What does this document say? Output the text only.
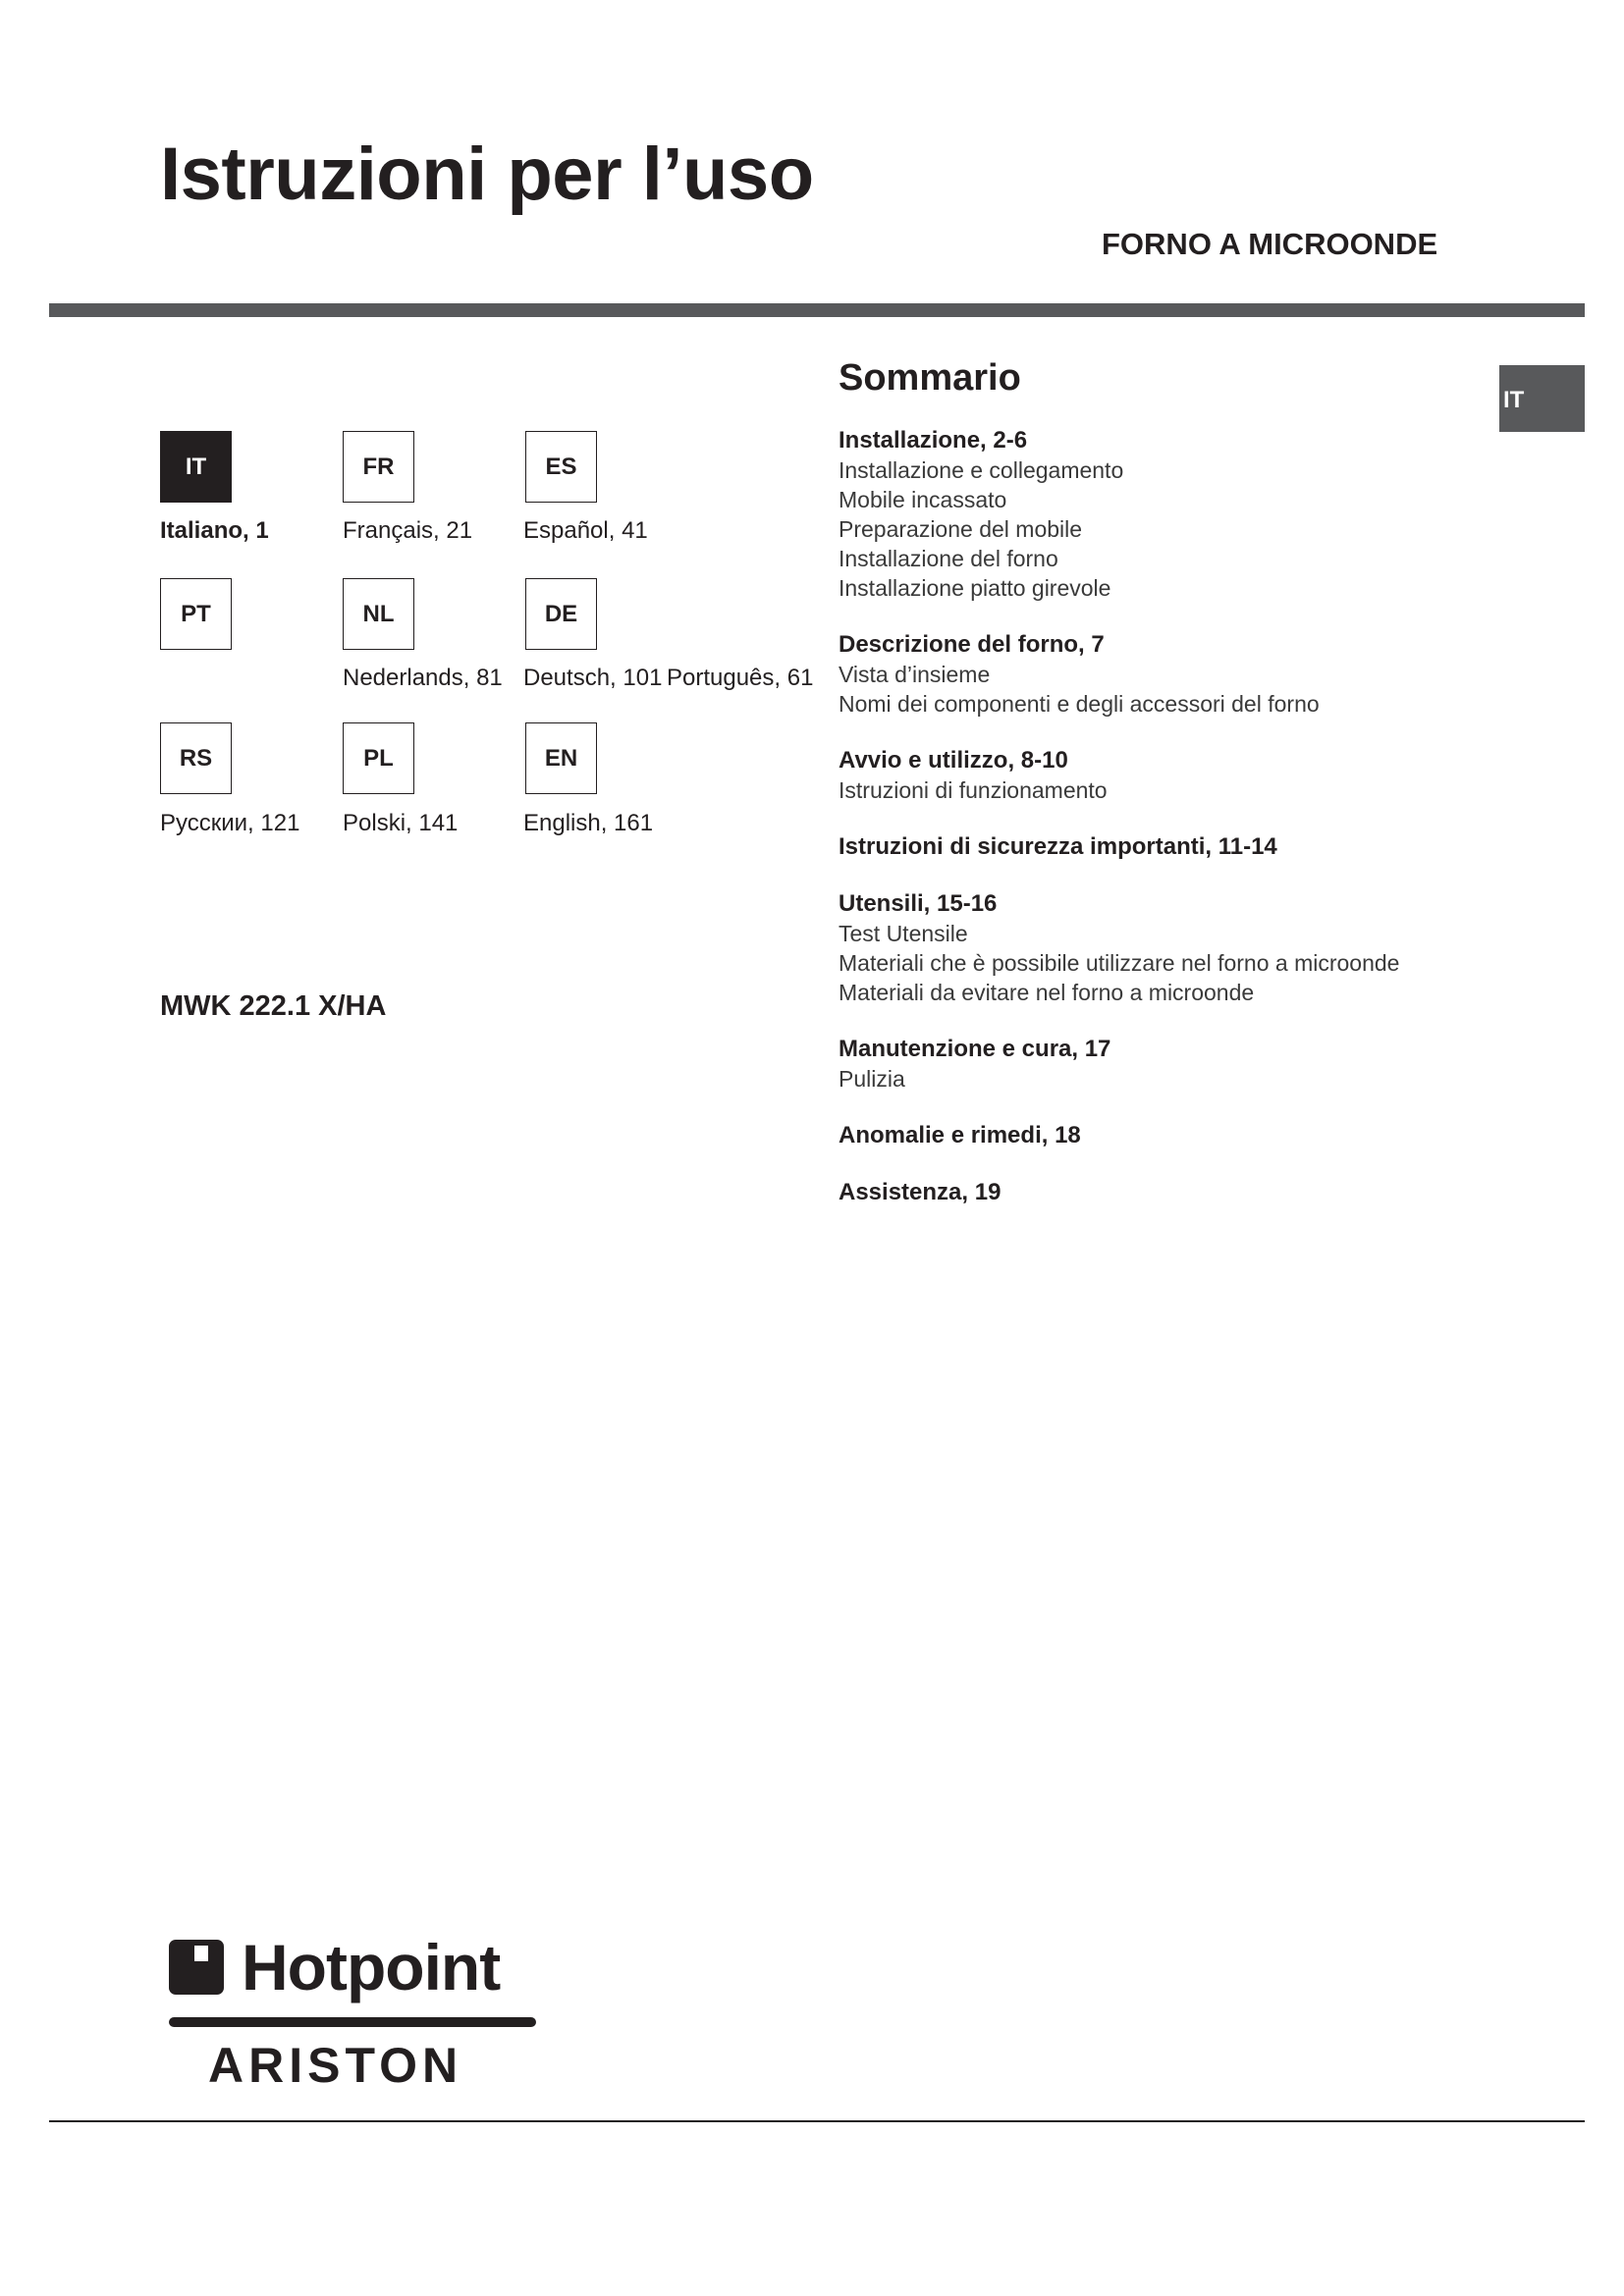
Istruzioni per l’uso
FORNO A MICROONDE
IT	FR	ES
Italiano, 1	Français, 21 Español, 41
PT	NL	DE
Nederlands, 81 Deutsch, 101 Português, 61
RS	PL	EN
Русскии, 121 Polski, 141	English, 161
MWK 222.1 X/HA
Sommario
IT
Installazione, 2-6
Installazione e collegamento
Mobile incassato
Preparazione del mobile
Installazione del forno
Installazione piatto girevole
Descrizione del forno, 7
Vista d’insieme
Nomi dei componenti e degli accessori del forno
Avvio e utilizzo, 8-10
Istruzioni di funzionamento
Istruzioni di sicurezza importanti, 11-14
Utensili, 15-16
Test Utensile
Materiali che è possibile utilizzare nel forno a microonde
Materiali da evitare nel forno a microonde
Manutenzione e cura, 17
Pulizia
Anomalie e rimedi, 18
Assistenza, 19
Hotpoint
ARISTON
